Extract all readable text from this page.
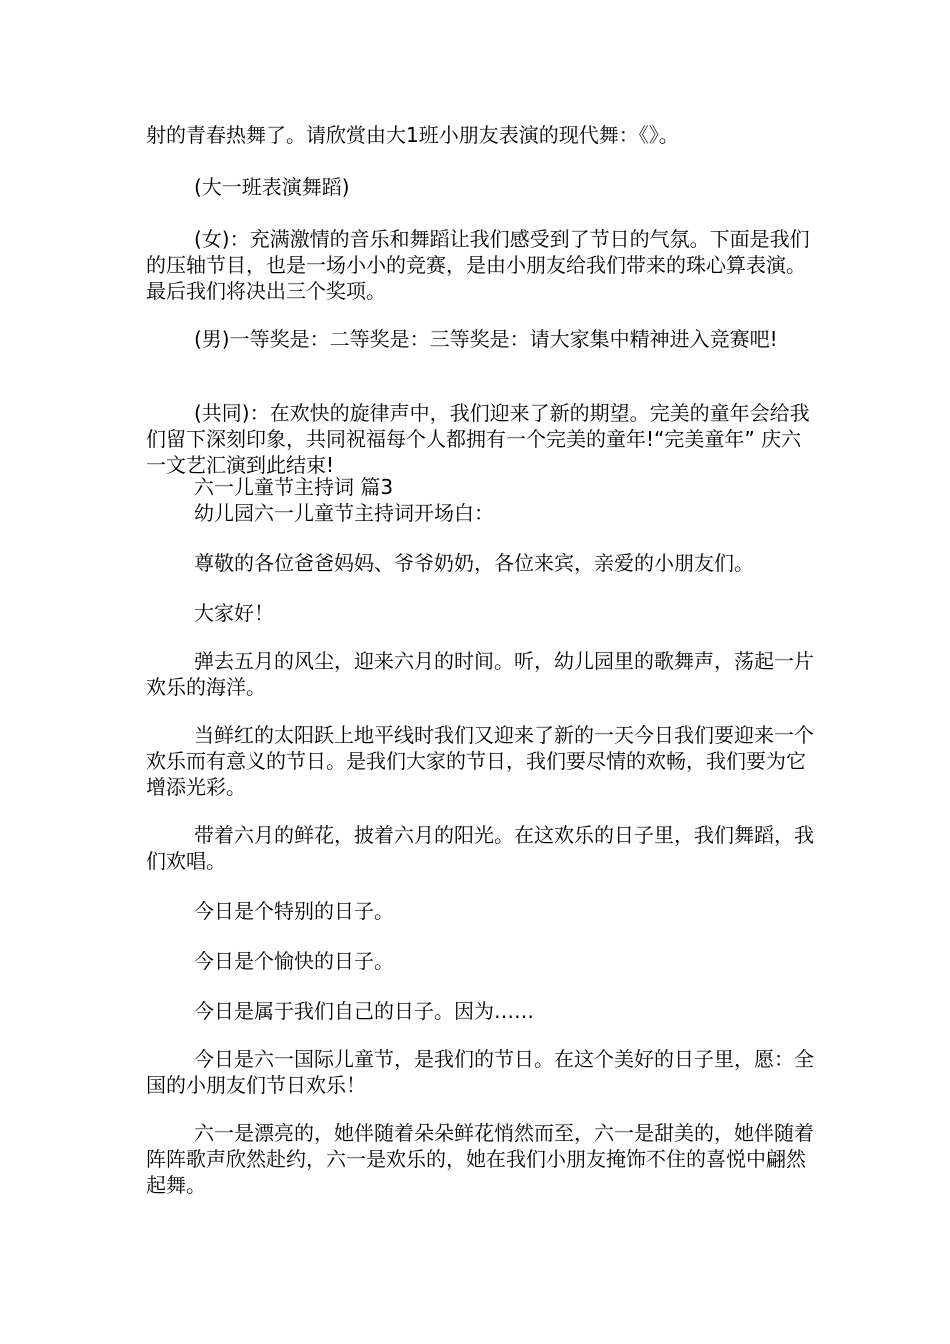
射的青春热舞了。请欣赏由大1班小朋友表演的现代舞：《》。

(大一班表演舞蹈)

(女)：充满激情的音乐和舞蹈让我们感受到了节日的气氛。下面是我们的压轴节目，也是一场小小的竞赛，是由小朋友给我们带来的珠心算表演。最后我们将决出三个奖项。

(男)一等奖是：二等奖是：三等奖是：请大家集中精神进入竞赛吧!

(共同)：在欢快的旋律声中，我们迎来了新的期望。完美的童年会给我们留下深刻印象，共同祝福每个人都拥有一个完美的童年!“完美童年” 庆六一文艺汇演到此结束!

六一儿童节主持词 篇3

幼儿园六一儿童节主持词开场白：

尊敬的各位爸爸妈妈、爷爷奶奶，各位来宾，亲爱的小朋友们。

大家好！

弹去五月的风尘，迎来六月的时间。听，幼儿园里的歌舞声，荡起一片欢乐的海洋。

当鲜红的太阳跃上地平线时我们又迎来了新的一天今日我们要迎来一个欢乐而有意义的节日。是我们大家的节日，我们要尽情的欢畅，我们要为它增添光彩。

带着六月的鲜花，披着六月的阳光。在这欢乐的日子里，我们舞蹈，我们欢唱。

今日是个特别的日子。

今日是个愉快的日子。

今日是属于我们自己的日子。因为……

今日是六一国际儿童节，是我们的节日。在这个美好的日子里，愿：全国的小朋友们节日欢乐！

六一是漂亮的，她伴随着朵朵鲜花悄然而至，六一是甜美的，她伴随着阵阵歌声欣然赴约，六一是欢乐的，她在我们小朋友掩饰不住的喜悦中翩然起舞。
